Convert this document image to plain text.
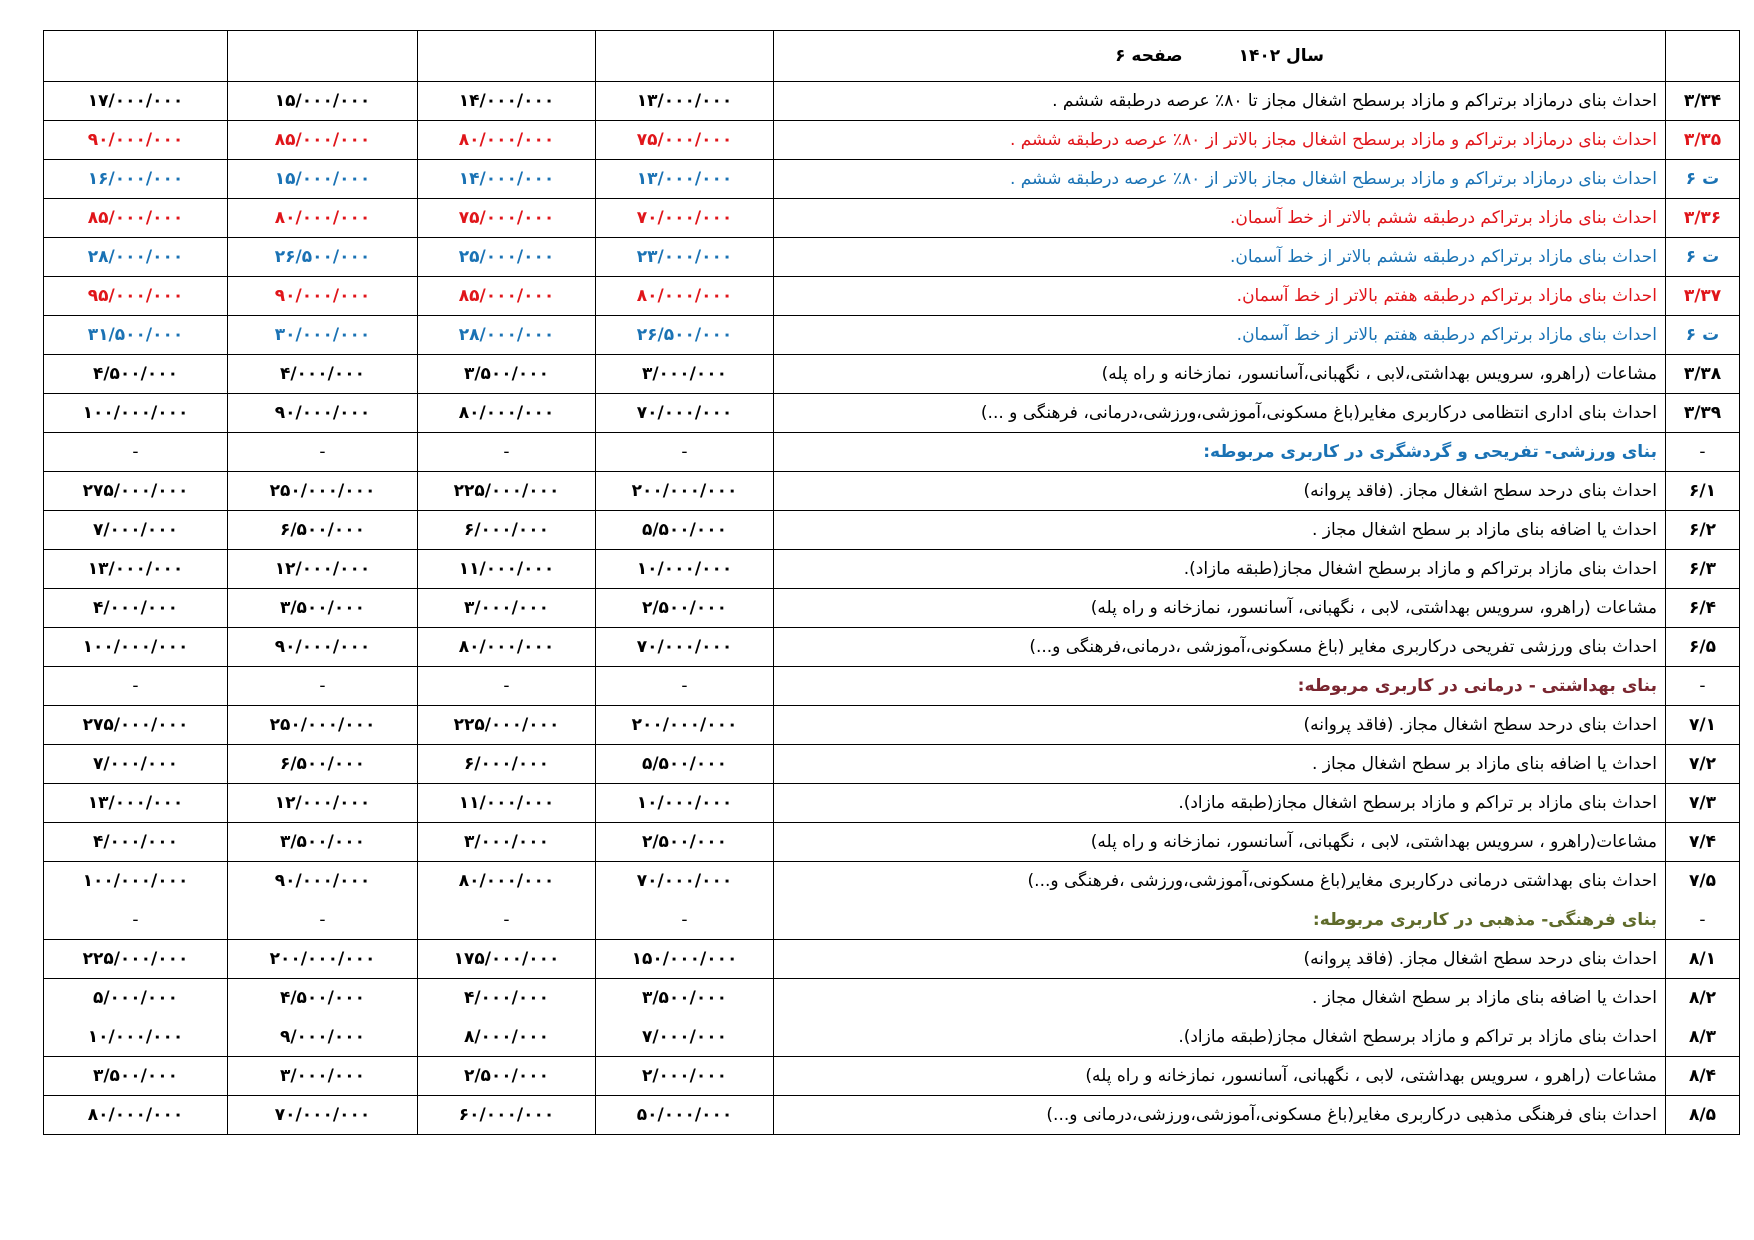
				سال ۱۴۰۲صفحه ۶	
۱۷/۰۰۰/۰۰۰	۱۵/۰۰۰/۰۰۰	۱۴/۰۰۰/۰۰۰	۱۳/۰۰۰/۰۰۰	احداث بنای درمازاد برتراکم و مازاد برسطح اشغال مجاز تا ۸۰٪ عرصه درطبقه ششم .	۳/۳۴
۹۰/۰۰۰/۰۰۰	۸۵/۰۰۰/۰۰۰	۸۰/۰۰۰/۰۰۰	۷۵/۰۰۰/۰۰۰	احداث بنای درمازاد برتراکم و مازاد برسطح اشغال مجاز بالاتر از ۸۰٪ عرصه درطبقه ششم .	۳/۳۵
۱۶/۰۰۰/۰۰۰	۱۵/۰۰۰/۰۰۰	۱۴/۰۰۰/۰۰۰	۱۳/۰۰۰/۰۰۰	احداث بنای درمازاد برتراکم و مازاد برسطح اشغال مجاز بالاتر از ۸۰٪ عرصه درطبقه ششم .	ت ۶
۸۵/۰۰۰/۰۰۰	۸۰/۰۰۰/۰۰۰	۷۵/۰۰۰/۰۰۰	۷۰/۰۰۰/۰۰۰	احداث بنای مازاد برتراکم درطبقه ششم بالاتر از خط آسمان.	۳/۳۶
۲۸/۰۰۰/۰۰۰	۲۶/۵۰۰/۰۰۰	۲۵/۰۰۰/۰۰۰	۲۳/۰۰۰/۰۰۰	احداث بنای مازاد برتراکم درطبقه ششم بالاتر از خط آسمان.	ت ۶
۹۵/۰۰۰/۰۰۰	۹۰/۰۰۰/۰۰۰	۸۵/۰۰۰/۰۰۰	۸۰/۰۰۰/۰۰۰	احداث بنای مازاد برتراکم درطبقه هفتم بالاتر از خط آسمان.	۳/۳۷
۳۱/۵۰۰/۰۰۰	۳۰/۰۰۰/۰۰۰	۲۸/۰۰۰/۰۰۰	۲۶/۵۰۰/۰۰۰	احداث بنای مازاد برتراکم درطبقه هفتم بالاتر از خط آسمان.	ت ۶
۴/۵۰۰/۰۰۰	۴/۰۰۰/۰۰۰	۳/۵۰۰/۰۰۰	۳/۰۰۰/۰۰۰	مشاعات (راهرو، سرویس بهداشتی،لابی ، نگهبانی،آسانسور، نمازخانه و راه پله)	۳/۳۸
۱۰۰/۰۰۰/۰۰۰	۹۰/۰۰۰/۰۰۰	۸۰/۰۰۰/۰۰۰	۷۰/۰۰۰/۰۰۰	احداث بنای اداری انتظامی درکاربری مغایر(باغ مسکونی،آموزشی،ورزشی،درمانی، فرهنگی و ...)	۳/۳۹
-	-	-	-	بنای ورزشی- تفریحی و گردشگری در کاربری مربوطه:	-
۲۷۵/۰۰۰/۰۰۰	۲۵۰/۰۰۰/۰۰۰	۲۲۵/۰۰۰/۰۰۰	۲۰۰/۰۰۰/۰۰۰	احداث بنای درحد سطح اشغال مجاز. (فاقد پروانه)	۶/۱
۷/۰۰۰/۰۰۰	۶/۵۰۰/۰۰۰	۶/۰۰۰/۰۰۰	۵/۵۰۰/۰۰۰	احداث یا اضافه بنای مازاد بر سطح اشغال مجاز .	۶/۲
۱۳/۰۰۰/۰۰۰	۱۲/۰۰۰/۰۰۰	۱۱/۰۰۰/۰۰۰	۱۰/۰۰۰/۰۰۰	احداث بنای مازاد برتراکم و مازاد برسطح اشغال مجاز(طبقه مازاد).	۶/۳
۴/۰۰۰/۰۰۰	۳/۵۰۰/۰۰۰	۳/۰۰۰/۰۰۰	۲/۵۰۰/۰۰۰	مشاعات (راهرو، سرویس بهداشتی، لابی ، نگهبانی، آسانسور، نمازخانه و راه پله)	۶/۴
۱۰۰/۰۰۰/۰۰۰	۹۰/۰۰۰/۰۰۰	۸۰/۰۰۰/۰۰۰	۷۰/۰۰۰/۰۰۰	احداث بنای ورزشی تفریحی درکاربری مغایر (باغ مسکونی،آموزشی ،درمانی،فرهنگی و...)	۶/۵
-	-	-	-	بنای بهداشتی - درمانی در کاربری مربوطه:	-
۲۷۵/۰۰۰/۰۰۰	۲۵۰/۰۰۰/۰۰۰	۲۲۵/۰۰۰/۰۰۰	۲۰۰/۰۰۰/۰۰۰	احداث بنای درحد سطح اشغال مجاز. (فاقد پروانه)	۷/۱
۷/۰۰۰/۰۰۰	۶/۵۰۰/۰۰۰	۶/۰۰۰/۰۰۰	۵/۵۰۰/۰۰۰	احداث یا اضافه بنای مازاد بر سطح اشغال مجاز .	۷/۲
۱۳/۰۰۰/۰۰۰	۱۲/۰۰۰/۰۰۰	۱۱/۰۰۰/۰۰۰	۱۰/۰۰۰/۰۰۰	احداث بنای مازاد بر تراکم و مازاد برسطح اشغال مجاز(طبقه مازاد).	۷/۳
۴/۰۰۰/۰۰۰	۳/۵۰۰/۰۰۰	۳/۰۰۰/۰۰۰	۲/۵۰۰/۰۰۰	مشاعات(راهرو ، سرویس بهداشتی، لابی ، نگهبانی، آسانسور، نمازخانه و راه پله)	۷/۴
۱۰۰/۰۰۰/۰۰۰	۹۰/۰۰۰/۰۰۰	۸۰/۰۰۰/۰۰۰	۷۰/۰۰۰/۰۰۰	احداث بنای بهداشتی درمانی درکاربری مغایر(باغ مسکونی،آموزشی،ورزشی ،فرهنگی و...)	۷/۵
-	-	-	-	بنای فرهنگی- مذهبی در کاربری مربوطه:	-
۲۲۵/۰۰۰/۰۰۰	۲۰۰/۰۰۰/۰۰۰	۱۷۵/۰۰۰/۰۰۰	۱۵۰/۰۰۰/۰۰۰	احداث بنای درحد سطح اشغال مجاز. (فاقد پروانه)	۸/۱
۵/۰۰۰/۰۰۰	۴/۵۰۰/۰۰۰	۴/۰۰۰/۰۰۰	۳/۵۰۰/۰۰۰	احداث یا اضافه بنای مازاد بر سطح اشغال مجاز .	۸/۲
۱۰/۰۰۰/۰۰۰	۹/۰۰۰/۰۰۰	۸/۰۰۰/۰۰۰	۷/۰۰۰/۰۰۰	احداث بنای مازاد بر تراکم و مازاد برسطح اشغال مجاز(طبقه مازاد).	۸/۳
۳/۵۰۰/۰۰۰	۳/۰۰۰/۰۰۰	۲/۵۰۰/۰۰۰	۲/۰۰۰/۰۰۰	مشاعات (راهرو ، سرویس بهداشتی، لابی ، نگهبانی، آسانسور، نمازخانه و راه پله)	۸/۴
۸۰/۰۰۰/۰۰۰	۷۰/۰۰۰/۰۰۰	۶۰/۰۰۰/۰۰۰	۵۰/۰۰۰/۰۰۰	احداث بنای فرهنگی مذهبی درکاربری مغایر(باغ مسکونی،آموزشی،ورزشی،درمانی و...)	۸/۵
